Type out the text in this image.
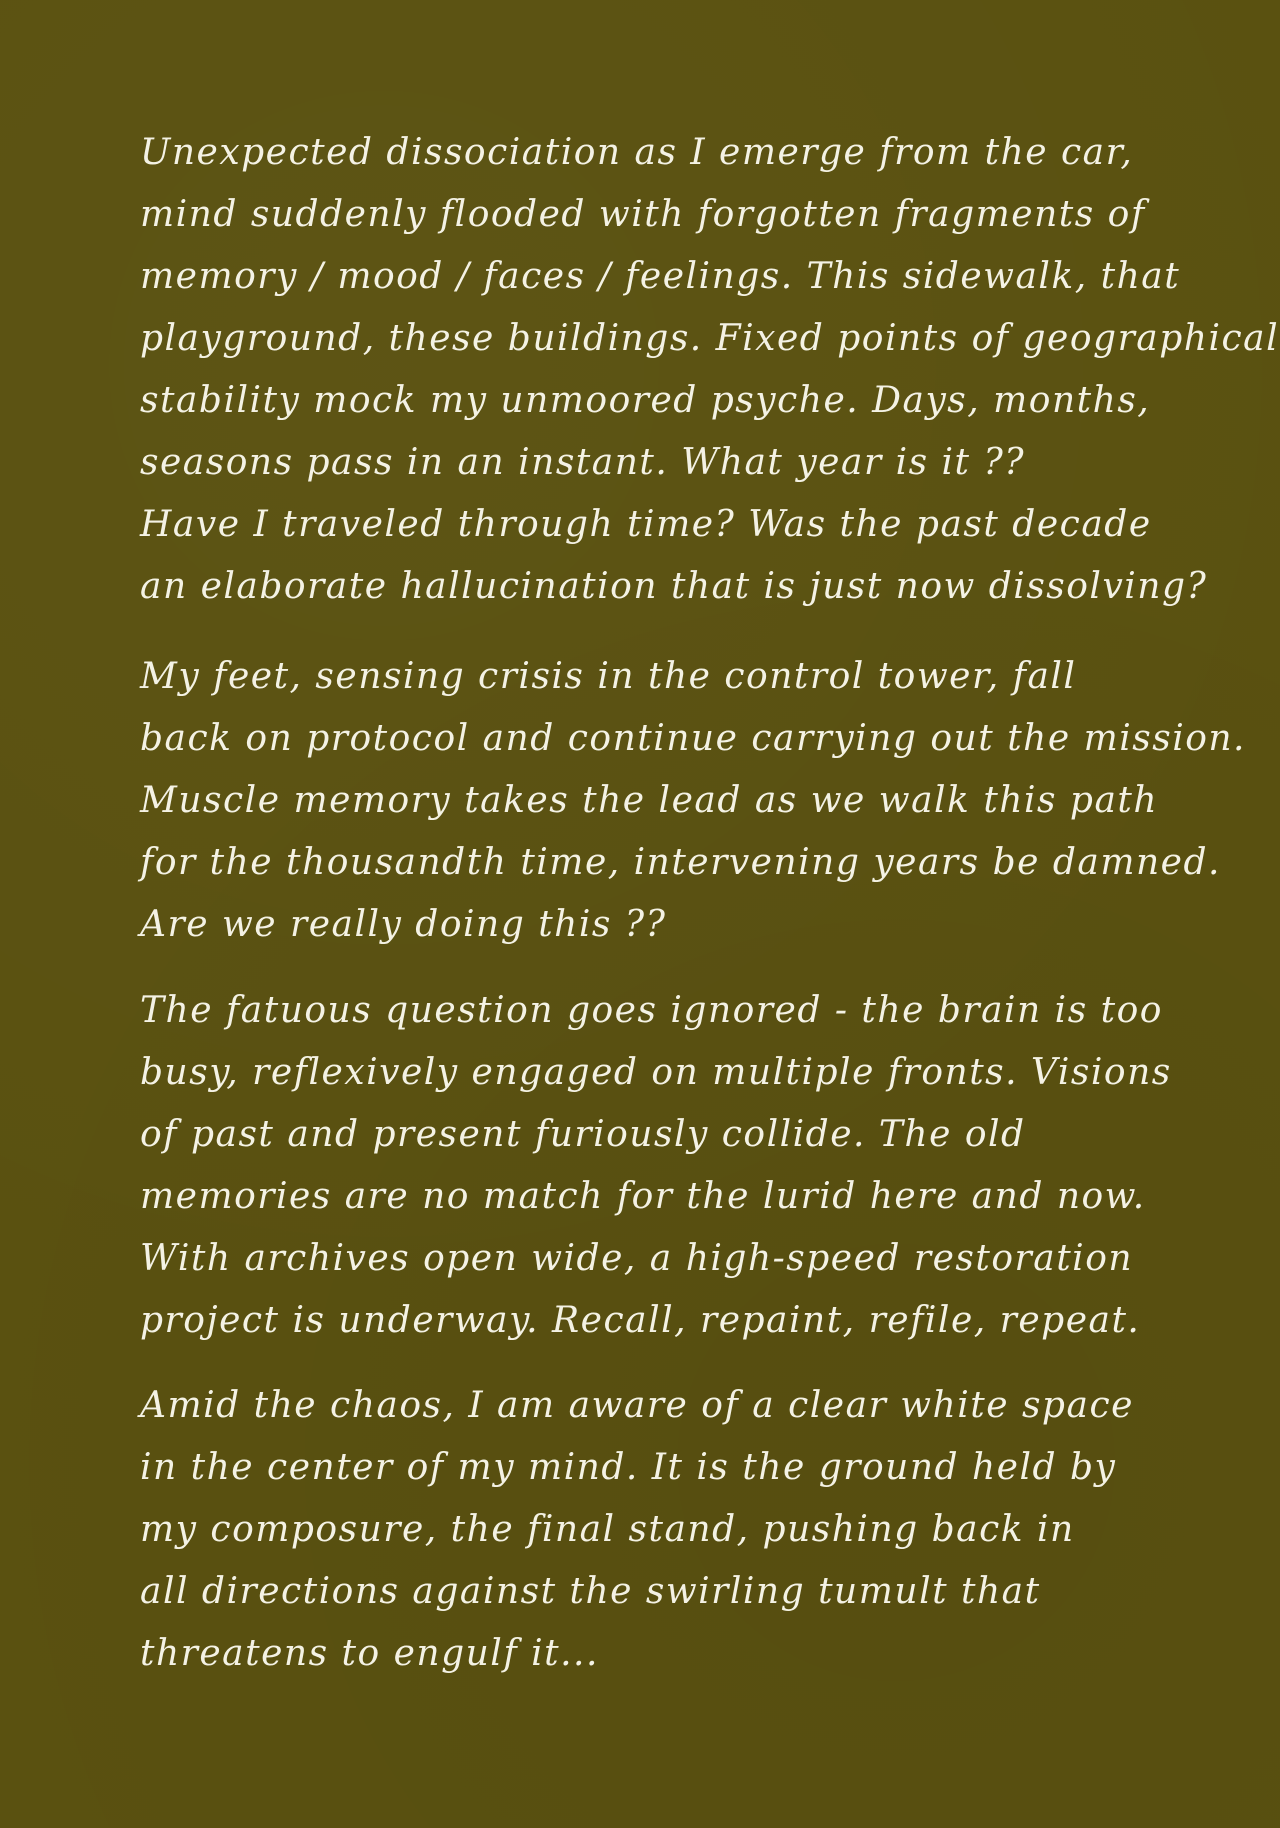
Unexpected dissociation as I emerge from the car,
mind suddenly flooded with forgotten fragments of
memory / mood / faces / feelings. This sidewalk, that
playground, these buildings. Fixed points of geographical
stability mock my unmoored psyche. Days, months,
seasons pass in an instant. What year is it ??
Have I traveled through time? Was the past decade
an elaborate hallucination that is just now dissolving?
My feet, sensing crisis in the control tower, fall
back on protocol and continue carrying out the mission.
Muscle memory takes the lead as we walk this path
for the thousandth time, intervening years be damned.
Are we really doing this ??
The fatuous question goes ignored - the brain is too
busy, reflexively engaged on multiple fronts. Visions
of past and present furiously collide. The old
memories are no match for the lurid here and now.
With archives open wide, a high-speed restoration
project is underway. Recall, repaint, refile, repeat.
Amid the chaos, I am aware of a clear white space
in the center of my mind. It is the ground held by
my composure, the final stand, pushing back in
all directions against the swirling tumult that
threatens to engulf it...
